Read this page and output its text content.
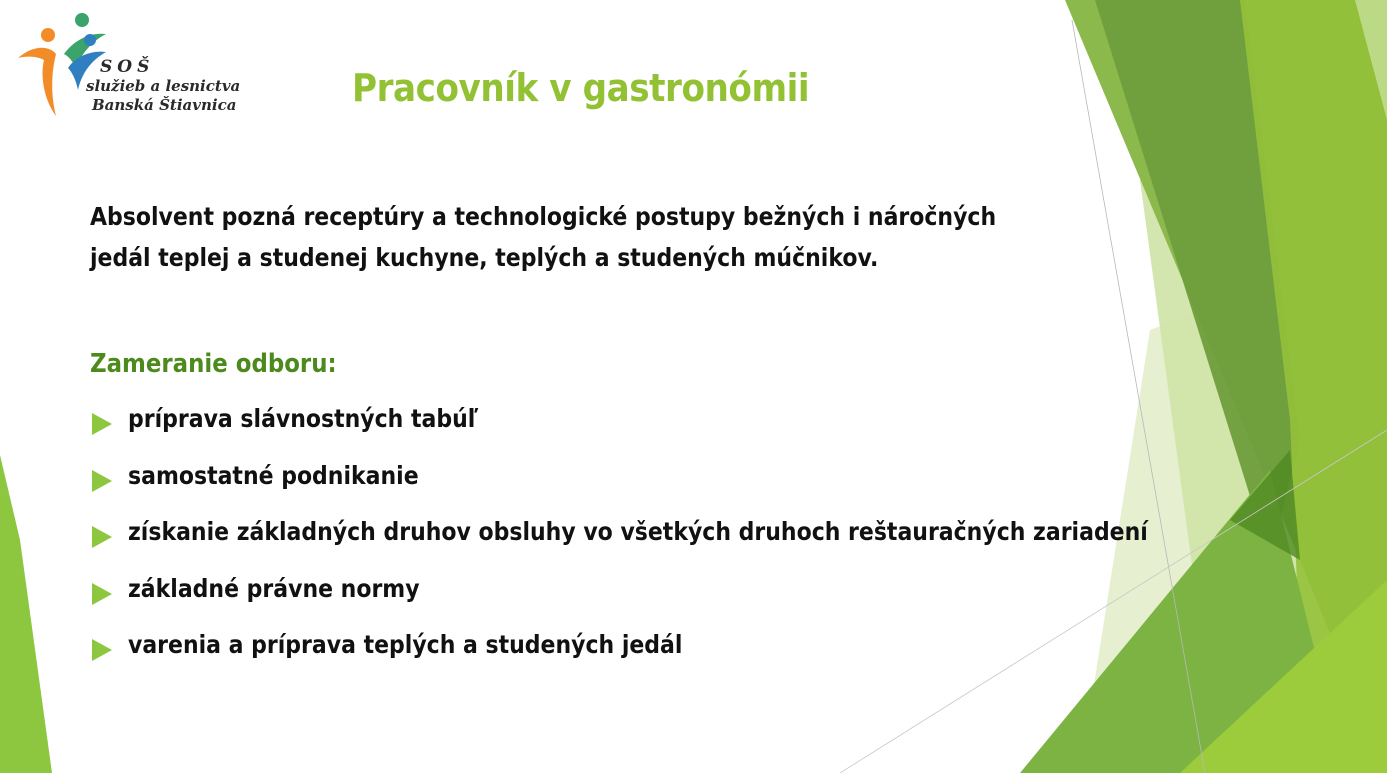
SOŠ
služieb a lesnictva
Banská Štiavnica	Pracovník v gastronómii
Absolvent pozná receptúry a technologické postupy bežných i náročných jedál teplej a studenej kuchyne, teplých a studených múčnikov.
Zameranie odboru:
príprava slávnostných tabúľ
samostatné podnikanie
získanie základných druhov obsluhy vo všetkých druhoch reštauračných zariadení
základné právne normy
varenia a príprava teplých a studených jedál
